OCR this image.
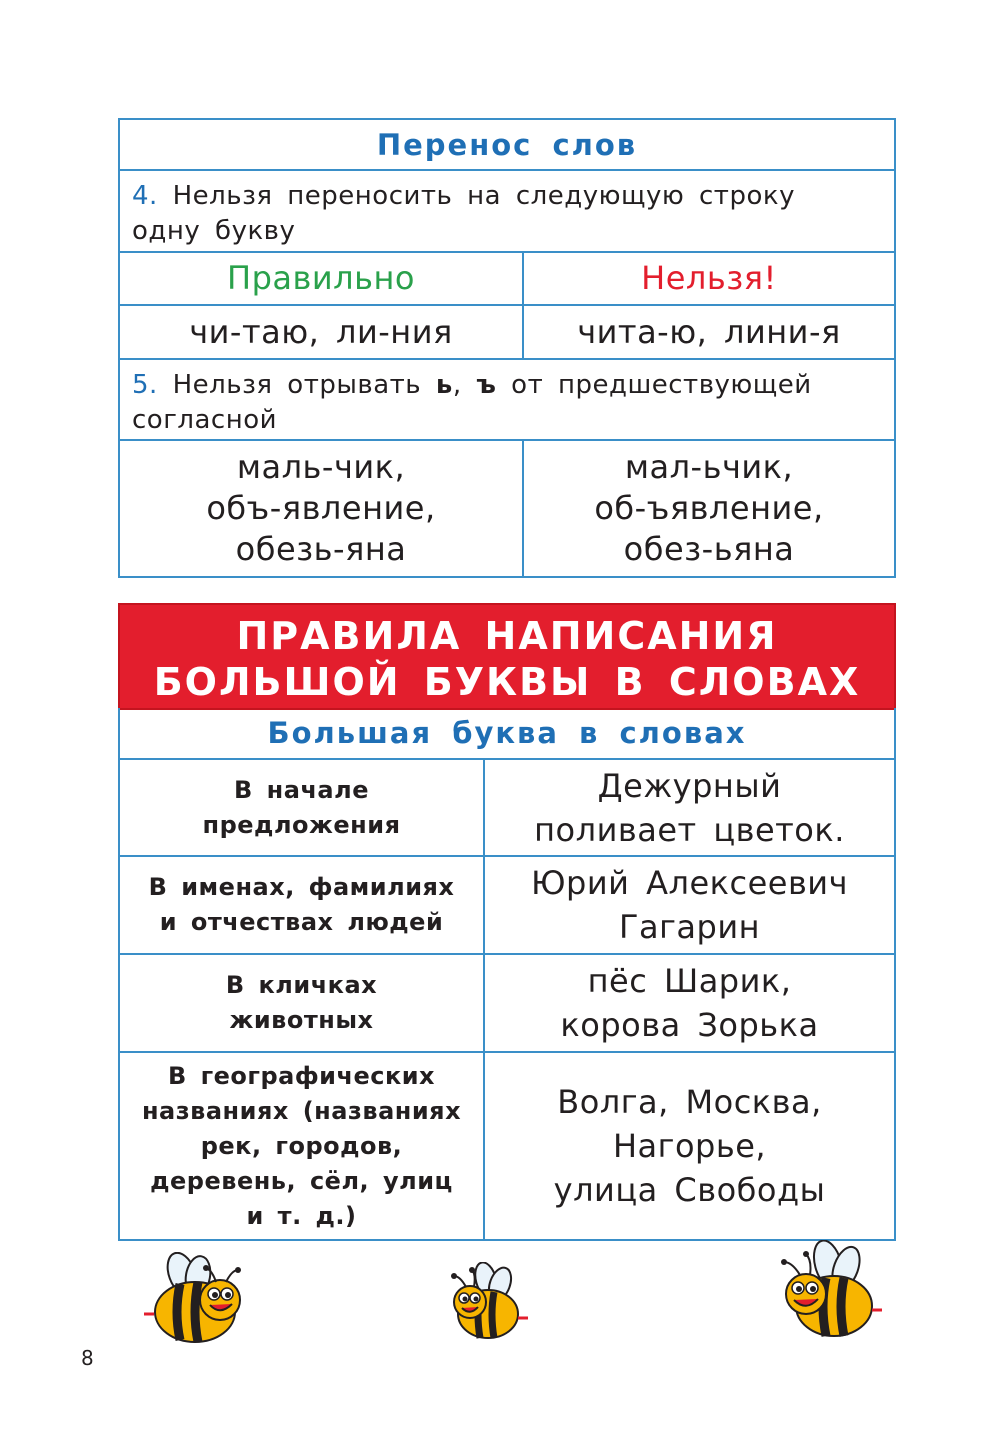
Перенос слов
4. Нельзя переносить на следующую строку
одну букву
Правильно	Нельзя!
чи-таю, ли-ния	чита-ю, лини-я
5. Нельзя отрывать ь, ъ от предшествующей
согласной
маль-чик,
объ-явление,
обезь-яна
мал-ьчик,
об-ъявление,
обез-ьяна
ПРАВИЛА НАПИСАНИЯ
БОЛЬШОЙ БУКВЫ В СЛОВАХ
Большая буква в словах
В начале
предложения
Дежурный
поливает цветок.
В именах, фамилиях
и отчествах людей
Юрий Алексеевич
Гагарин
В кличках
животных
пёс Шарик,
корова Зорька
В географических
названиях (названиях
рек, городов,
деревень, сёл, улиц
и т. д.)
Волга, Москва,
Нагорье,
улица Свободы
8
